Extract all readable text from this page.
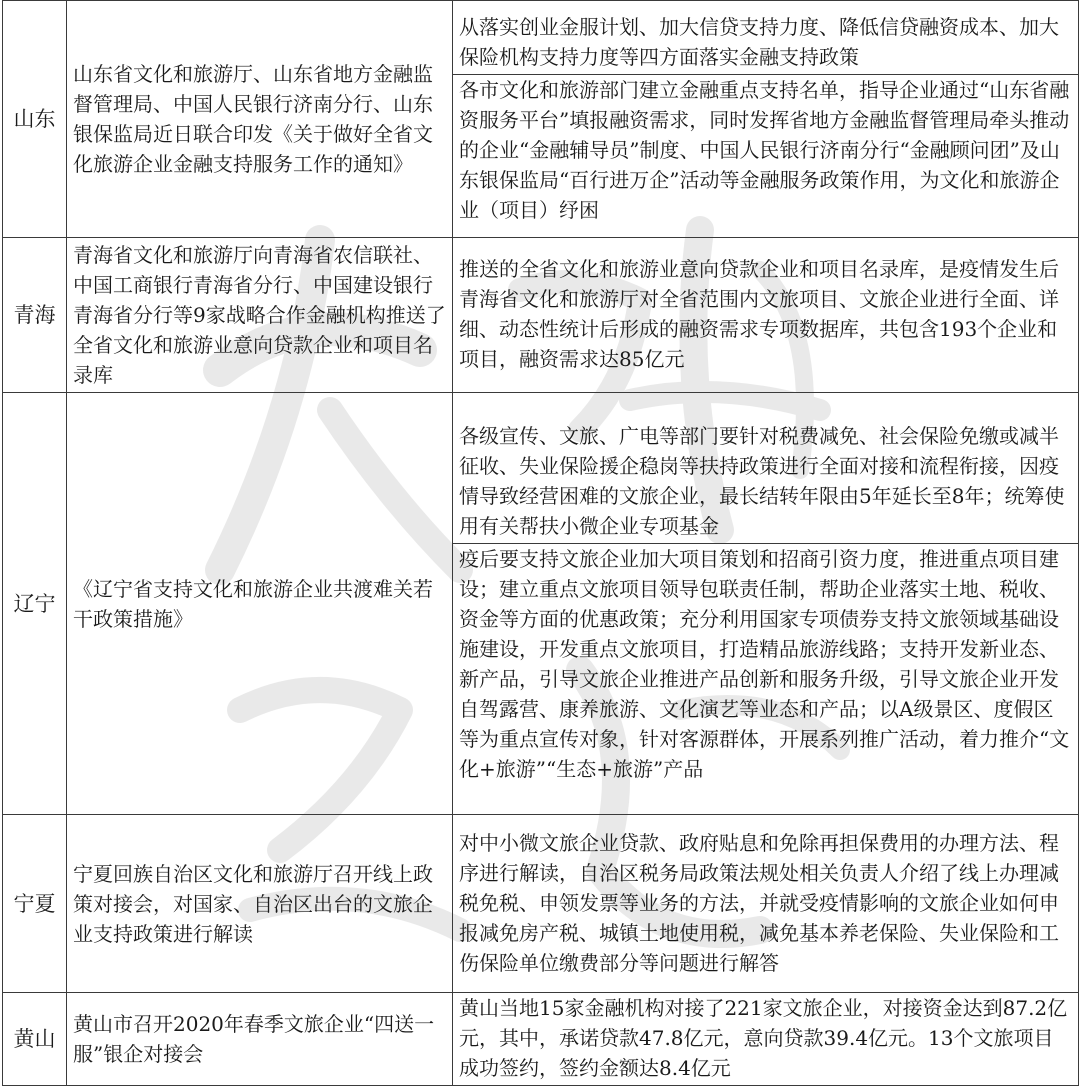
山东	山东省文化和旅游厅、山东省地方金融监督管理局、中国人民银行济南分行、山东银保监局近日联合印发《关于做好全省文化旅游企业金融支持服务工作的通知》	从落实创业金服计划、加大信贷支持力度、降低信贷融资成本、加大保险机构支持力度等四方面落实金融支持政策
各市文化和旅游部门建立金融重点支持名单，指导企业通过“山东省融资服务平台”填报融资需求，同时发挥省地方金融监督管理局牵头推动的企业“金融辅导员”制度、中国人民银行济南分行“金融顾问团”及山东银保监局“百行进万企”活动等金融服务政策作用，为文化和旅游企业（项目）纾困

青海	青海省文化和旅游厅向青海省农信联社、中国工商银行青海省分行、中国建设银行青海省分行等9家战略合作金融机构推送了全省文化和旅游业意向贷款企业和项目名录库	推送的全省文化和旅游业意向贷款企业和项目名录库，是疫情发生后青海省文化和旅游厅对全省范围内文旅项目、文旅企业进行全面、详细、动态性统计后形成的融资需求专项数据库，共包含193个企业和项目，融资需求达85亿元

辽宁	《辽宁省支持文化和旅游企业共渡难关若干政策措施》	各级宣传、文旅、广电等部门要针对税费减免、社会保险免缴或减半征收、失业保险援企稳岗等扶持政策进行全面对接和流程衔接，因疫情导致经营困难的文旅企业，最长结转年限由5年延长至8年；统筹使用有关帮扶小微企业专项基金
疫后要支持文旅企业加大项目策划和招商引资力度，推进重点项目建设；建立重点文旅项目领导包联责任制，帮助企业落实土地、税收、资金等方面的优惠政策；充分利用国家专项债券支持文旅领域基础设施建设，开发重点文旅项目，打造精品旅游线路；支持开发新业态、新产品，引导文旅企业推进产品创新和服务升级，引导文旅企业开发自驾露营、康养旅游、文化演艺等业态和产品；以A级景区、度假区等为重点宣传对象，针对客源群体，开展系列推广活动，着力推介“文化+旅游”“生态+旅游”产品

宁夏	宁夏回族自治区文化和旅游厅召开线上政策对接会，对国家、自治区出台的文旅企业支持政策进行解读	对中小微文旅企业贷款、政府贴息和免除再担保费用的办理方法、程序进行解读，自治区税务局政策法规处相关负责人介绍了线上办理减税免税、申领发票等业务的方法，并就受疫情影响的文旅企业如何申报减免房产税、城镇土地使用税，减免基本养老保险、失业保险和工伤保险单位缴费部分等问题进行解答

黄山	黄山市召开2020年春季文旅企业“四送一服”银企对接会	黄山当地15家金融机构对接了221家文旅企业，对接资金达到87.2亿元，其中，承诺贷款47.8亿元，意向贷款39.4亿元。13个文旅项目成功签约，签约金额达8.4亿元
